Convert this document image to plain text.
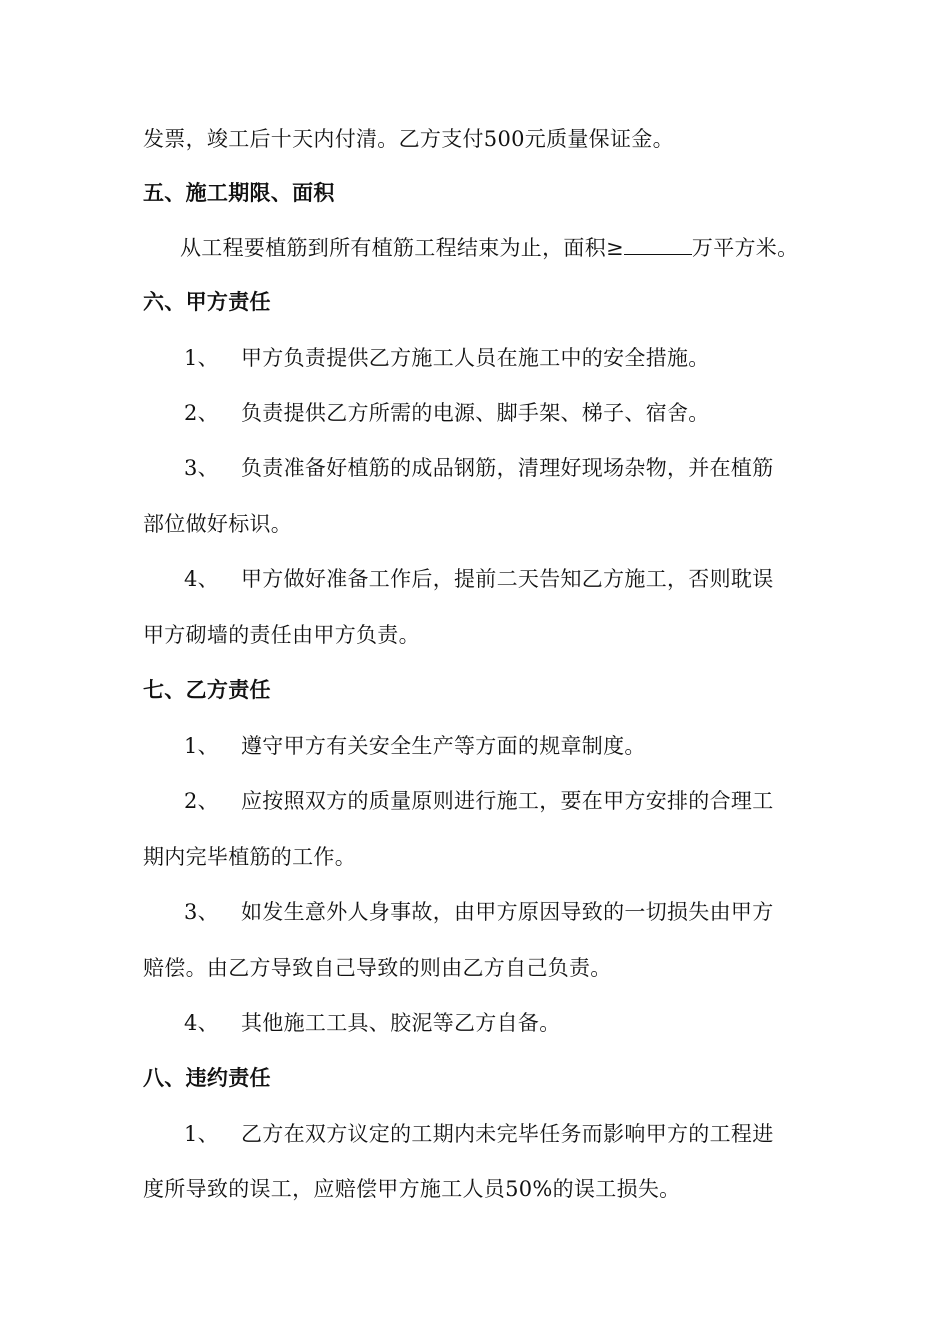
发票，竣工后十天内付清。乙方支付500元质量保证金。
五、施工期限、面积
从工程要植筋到所有植筋工程结束为止，面积≥	万平方米。
六、甲方责任
1、 甲方负责提供乙方施工人员在施工中的安全措施。
2、 负责提供乙方所需的电源、脚手架、梯子、宿舍。
3、 负责准备好植筋的成品钢筋，清理好现场杂物，并在植筋
部位做好标识。
4、 甲方做好准备工作后，提前二天告知乙方施工，否则耽误
甲方砌墙的责任由甲方负责。
七、乙方责任
1、 遵守甲方有关安全生产等方面的规章制度。
2、 应按照双方的质量原则进行施工，要在甲方安排的合理工
期内完毕植筋的工作。
3、 如发生意外人身事故，由甲方原因导致的一切损失由甲方
赔偿。由乙方导致自己导致的则由乙方自己负责。
4、 其他施工工具、胶泥等乙方自备。
八、违约责任
1、 乙方在双方议定的工期内未完毕任务而影响甲方的工程进
度所导致的误工，应赔偿甲方施工人员50%的误工损失。
